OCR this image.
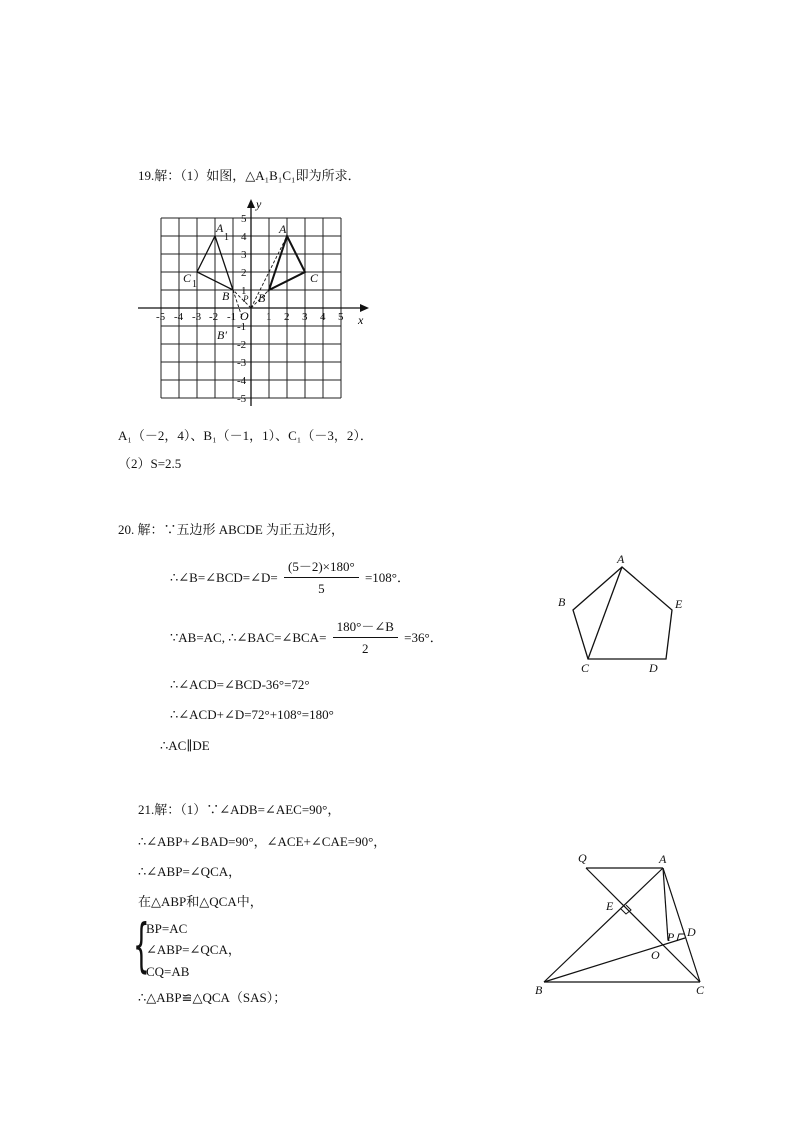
19.解：（1）如图，△A₁B₁C₁即为所求．
x
y
-5 -4 -3 -2 -1	1 2 3 4 5
5
4
3
2
1
-1
-2
-3
-4
-5
O
A
B
C
A
1
B
C 1
P
B′
A₁（－2，4）、B₁（－1，1）、C₁（－3，2）．
（2）S=2.5
20. 解：∵五边形 ABCDE 为正五边形，
∴∠B=∠BCD=∠D= $\frac{(5-2)\times 180^\circ}{5} =108^\circ$．
∵AB=AC, ∴∠BAC=∠BCA= $\frac{180^\circ-\angle B}{2} =36^\circ$．
∴∠ACD=∠BCD-36°=72°
∴∠ACD+∠D=72°+108°=180°
∴AC∥DE
A
B
C	D
E
21.解：（1）∵∠ADB=∠AEC=90°，
∴∠ABP+∠BAD=90°，∠ACE+∠CAE=90°，
∴∠ABP=∠QCA，
在△ABP和△QCA中，
{
BP=AC
∠ABP=∠QCA，
CQ=AB
∴△ABP≌△QCA（SAS）；
Q	A
E
D
P
O
B	C
